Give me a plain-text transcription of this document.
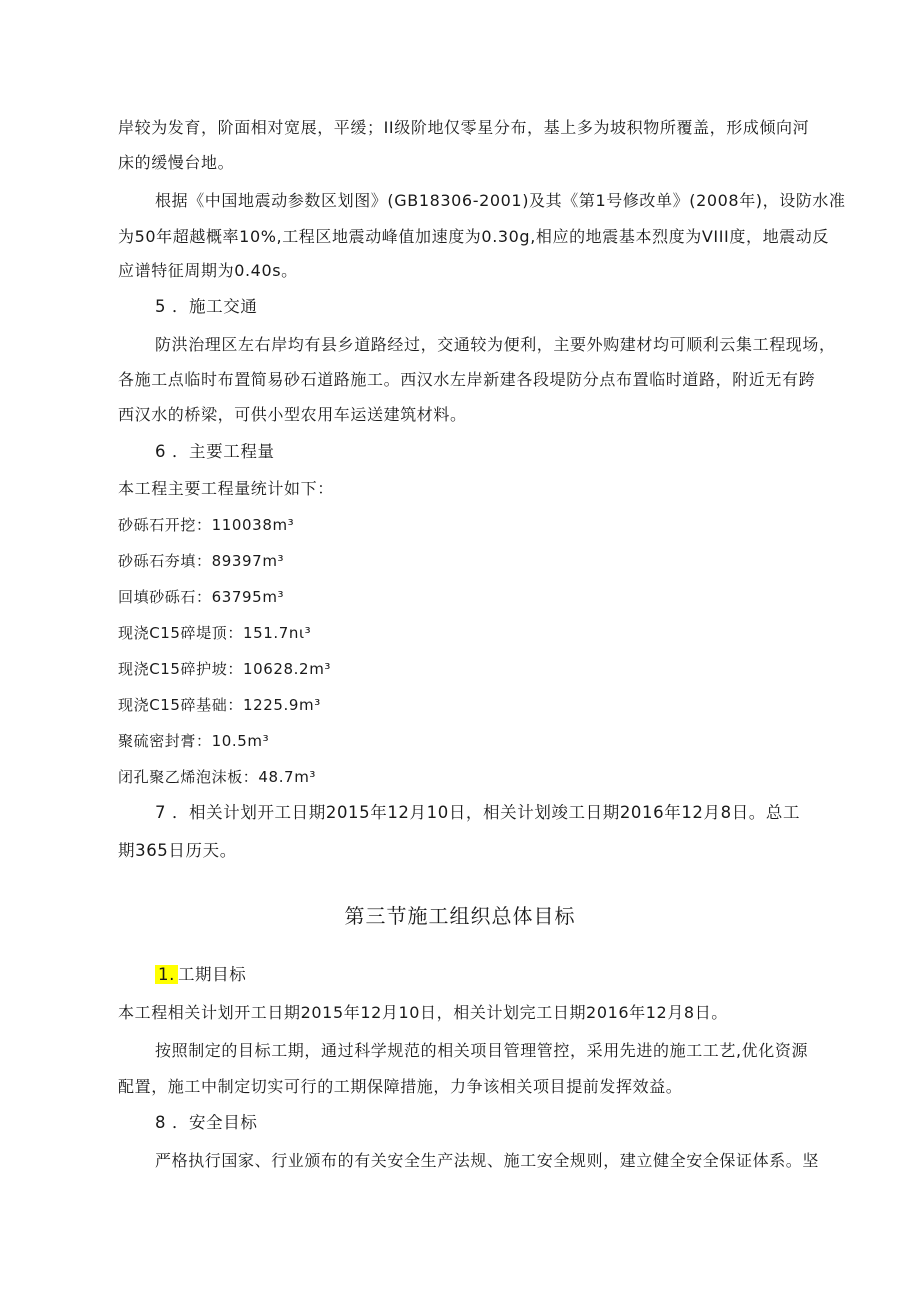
岸较为发育，阶面相对宽展，平缓；II级阶地仅零星分布，基上多为坡积物所覆盖，形成倾向河
床的缓慢台地。
根据《中国地震动参数区划图》(GB18306-2001)及其《第1号修改单》(2008年)，设防水准
为50年超越概率10%,工程区地震动峰值加速度为0.30g,相应的地震基本烈度为VIII度，地震动反
应谱特征周期为0.40s。
5 ．施工交通
防洪治理区左右岸均有县乡道路经过，交通较为便利，主要外购建材均可顺利云集工程现场，
各施工点临时布置简易砂石道路施工。西汉水左岸新建各段堤防分点布置临时道路，附近无有跨
西汉水的桥梁，可供小型农用车运送建筑材料。
6 ．主要工程量
本工程主要工程量统计如下：
砂砾石开挖：110038m³
砂砾石夯填：89397m³
回填砂砾石：63795m³
现浇C15碎堤顶：151.7nι³
现浇C15碎护坡：10628.2m³
现浇C15碎基础：1225.9m³
聚硫密封膏：10.5m³
闭孔聚乙烯泡沫板：48.7m³
7 ．相关计划开工日期2015年12月10日，相关计划竣工日期2016年12月8日。总工
期365日历天。
第三节施工组织总体目标
1. 工期目标
本工程相关计划开工日期2015年12月10日，相关计划完工日期2016年12月8日。
按照制定的目标工期，通过科学规范的相关项目管理管控，采用先进的施工工艺,优化资源
配置，施工中制定切实可行的工期保障措施，力争该相关项目提前发挥效益。
8 ．安全目标
严格执行国家、行业颁布的有关安全生产法规、施工安全规则，建立健全安全保证体系。坚
